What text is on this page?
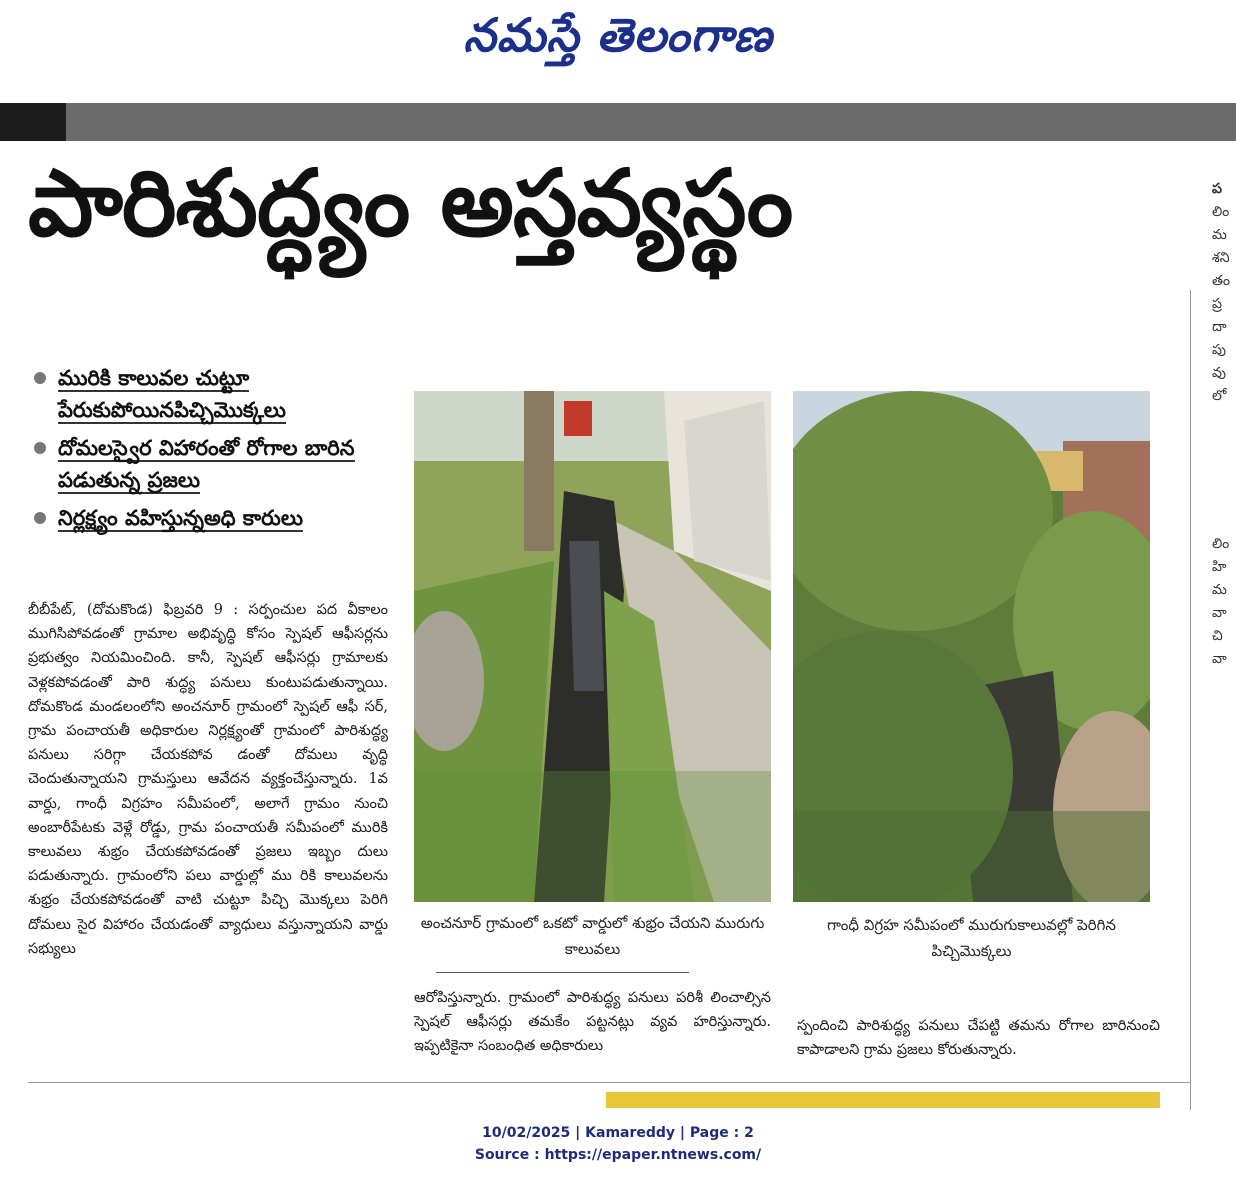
నమస్తే తెలంగాణ
పారిశుద్ధ్యం అస్తవ్యస్థం
మురికి కాలువల చుట్టూ పేరుకుపోయినపిచ్చిమొక్కలు
దోమలస్వైర విహారంతో రోగాల బారిన పడుతున్న ప్రజలు
నిర్లక్ష్యం వహిస్తున్నఅధి కారులు
బీబీపేట్, (దోమకొండ) ఫిబ్రవరి 9 : సర్పంచుల పద వీకాలం ముగిసిపోవడంతో గ్రామాల అభివృద్ధి కోసం స్పెషల్ ఆఫీసర్లను ప్రభుత్వం నియమించింది. కానీ, స్పెషల్ ఆఫీసర్లు గ్రామాలకు వెళ్లకపోవడంతో పారి శుద్ధ్య పనులు కుంటుపడుతున్నాయి. దోమకొండ మండలంలోని అంచనూర్ గ్రామంలో స్పెషల్ ఆఫీ సర్, గ్రామ పంచాయతీ అధికారుల నిర్లక్ష్యంతో గ్రామంలో పారిశుద్ధ్య పనులు సరిగ్గా చేయకపోవ డంతో దోమలు వృద్ధి చెందుతున్నాయని గ్రామస్తులు ఆవేదన వ్యక్తంచేస్తున్నారు. 1వ వార్డు, గాంధీ విగ్రహం సమీపంలో, అలాగే గ్రామం నుంచి అంబారీపేటకు వెళ్లే రోడ్డు, గ్రామ పంచాయతీ సమీపంలో మురికి కాలువలు శుభ్రం చేయకపోవడంతో ప్రజలు ఇబ్బం దులు పడుతున్నారు. గ్రామంలోని పలు వార్డుల్లో ము రికి కాలువలను శుభ్రం చేయకపోవడంతో వాటి చుట్టూ పిచ్చి మొక్కలు పెరిగి దోమలు సైర విహారం చేయడంతో వ్యాధులు వస్తున్నాయని వార్డు సభ్యులు
అంచనూర్ గ్రామంలో ఒకటో వార్డులో శుభ్రం చేయని మురుగు కాలువలు
గాంధీ విగ్రహ సమీపంలో మురుగుకాలువల్లో పెరిగిన పిచ్చిమొక్కలు
ఆరోపిస్తున్నారు. గ్రామంలో పారిశుద్ధ్య పనులు పరిశీ లించాల్సిన స్పెషల్ ఆఫీసర్లు తమకేం పట్టనట్లు వ్యవ హరిస్తున్నారు. ఇప్పటికైనా సంబంధిత అధికారులు
స్పందించి పారిశుద్ధ్య పనులు చేపట్టి తమను రోగాల బారినుంచి కాపాడాలని గ్రామ ప్రజలు కోరుతున్నారు.
ప
లిం
మ
శని
తం
ప్ర
దా
పు
వు
లో
లిం
హి
మ
వా
చి
వా
10/02/2025 | Kamareddy | Page : 2
Source : https://epaper.ntnews.com/
